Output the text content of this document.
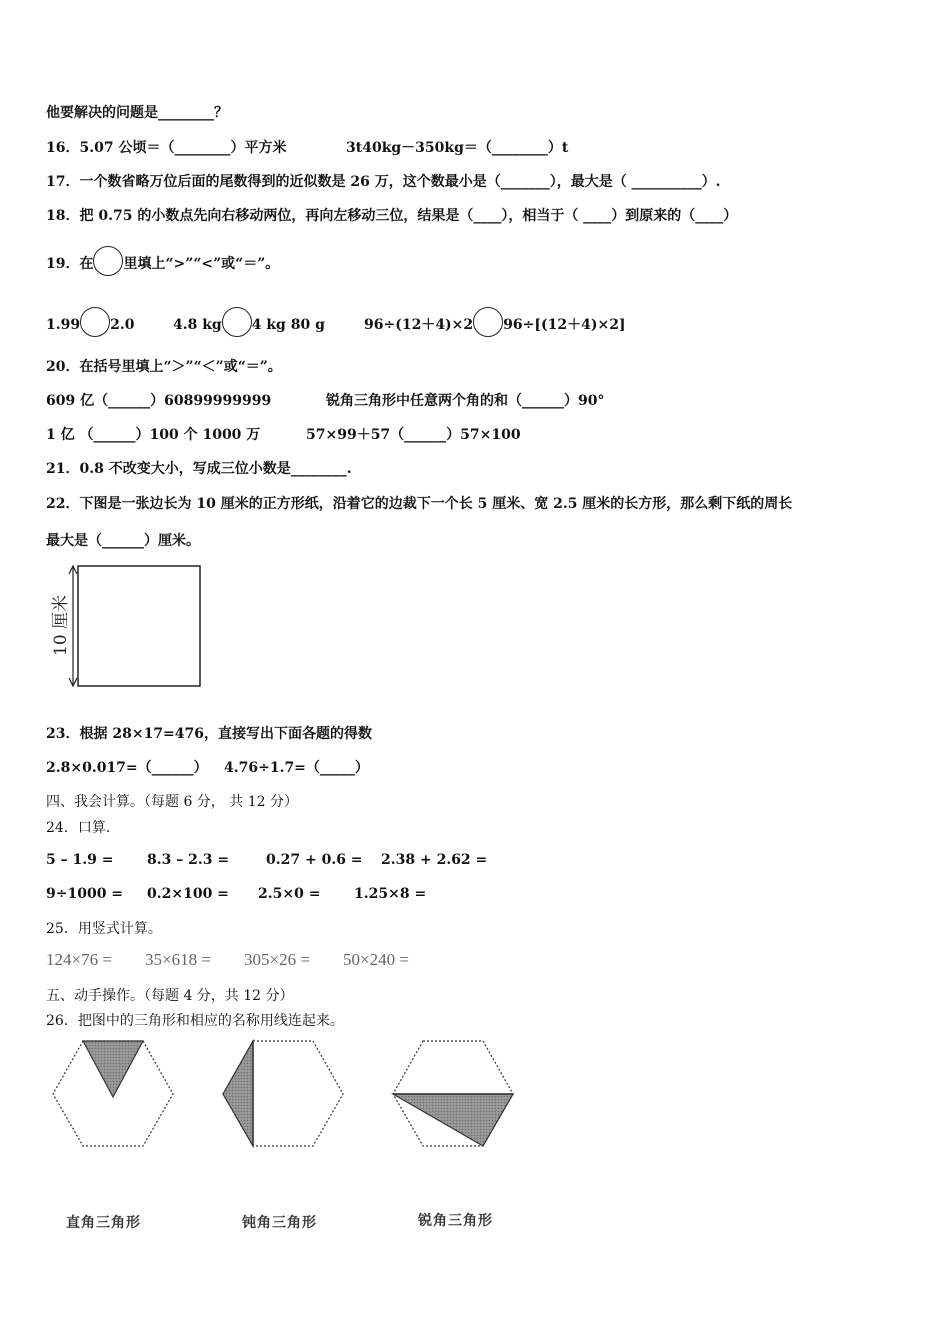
他要解决的问题是________？
16．5.07 公顷＝（________）平方米	3t40kg－350kg＝（________）t
17．一个数省略万位后面的尾数得到的近似数是 26 万，这个数最小是（_______），最大是（ __________）.
18．把 0.75 的小数点先向右移动两位，再向左移动三位，结果是（____），相当于（ ____）到原来的（____）
19．在 里填上“>”“<”或“＝”。
1.99 2.0	4.8 kg 4 kg 80 g	96÷(12＋4)×2 96÷[(12＋4)×2]
20．在括号里填上“＞”“＜”或“＝”。
609 亿（______）60899999999	锐角三角形中任意两个角的和（______）90°
1 亿 （______）100 个 1000 万	57×99＋57（______）57×100
21．0.8 不改变大小，写成三位小数是________.
22．下图是一张边长为 10 厘米的正方形纸，沿着它的边裁下一个长 5 厘米、宽 2.5 厘米的长方形，那么剩下纸的周长
最大是（______）厘米。
10 厘米
23．根据 28×17=476，直接写出下面各题的得数
2.8×0.017=（______） 4.76÷1.7=（_____）
四、我会计算。（每题 6 分， 共 12 分）
24．口算.
5 – 1.9 = 8.3 – 2.3 =	0.27 + 0.6 = 2.38 + 2.62 =
9÷1000 = 0.2×100 = 2.5×0 = 1.25×8 =
25．用竖式计算。
124×76 = 35×618 = 305×26 = 50×240 =
五、动手操作。（每题 4 分，共 12 分）
26．把图中的三角形和相应的名称用线连起来。
直角三角形	钝角三角形	锐角三角形
